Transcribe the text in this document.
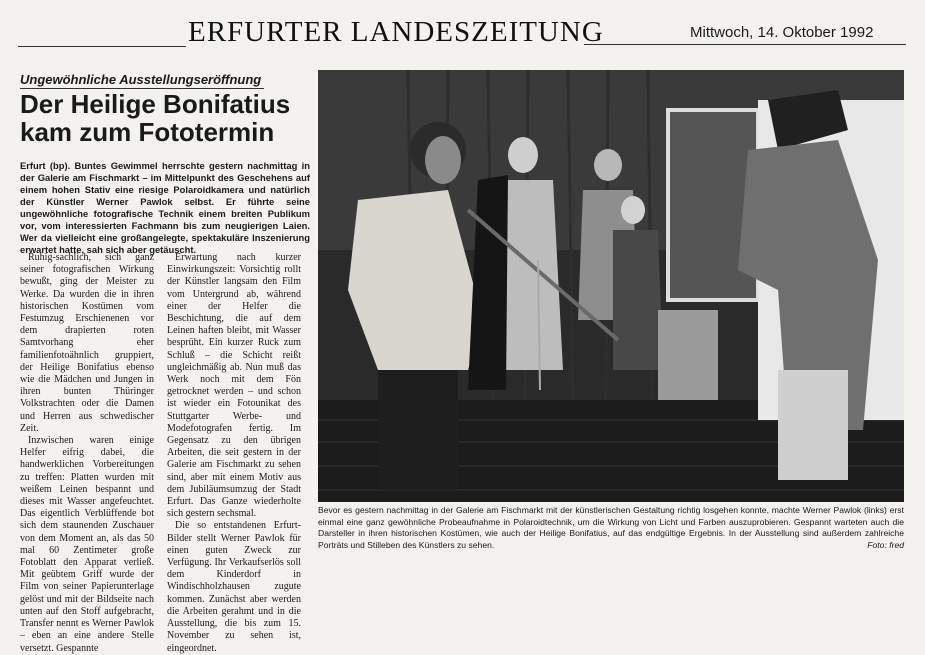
ERFURTER LANDESZEITUNG	Mittwoch, 14. Oktober 1992
Ungewöhnliche Ausstellungseröffnung
Der Heilige Bonifatius
kam zum Fototermin
Erfurt (bp). Buntes Gewimmel herrschte gestern nachmittag in der Galerie am Fischmarkt – im Mittelpunkt des Geschehens auf einem hohen Stativ eine riesige Polaroidkamera und natürlich der Künstler Werner Pawlok selbst. Er führte seine ungewöhnliche fotografische Technik einem breiten Publikum vor, vom interessierten Fachmann bis zum neugierigen Laien. Wer da vielleicht eine großangelegte, spektakuläre Inszenierung erwartet hatte, sah sich aber getäuscht.

Ruhig-sachlich, sich ganz seiner fotografischen Wirkung bewußt, ging der Meister zu Werke. Da wurden die in ihren historischen Kostümen vom Festumzug Erschienenen vor dem drapierten roten Samtvorhang eher familienfotoähnlich gruppiert, der Heilige Bonifatius ebenso wie die Mädchen und Jungen in ihren bunten Thüringer Volkstrachten oder die Damen und Herren aus schwedischer Zeit.

Inzwischen waren einige Helfer eifrig dabei, die handwerklichen Vorbereitungen zu treffen: Platten wurden mit weißem Leinen bespannt und dieses mit Wasser angefeuchtet. Das eigentlich Verblüffende bot sich dem staunenden Zuschauer von dem Moment an, als das 50 mal 60 Zentimeter große Fotoblatt den Apparat verließ. Mit geübtem Griff wurde der Film von seiner Papierunterlage gelöst und mit der Bildseite nach unten auf den Stoff aufgebracht, Transfer nennt es Werner Pawlok – eben an eine andere Stelle versetzt. Gespannte

Erwartung nach kurzer Einwirkungszeit: Vorsichtig rollt der Künstler langsam den Film vom Untergrund ab, während einer der Helfer die Beschichtung, die auf dem Leinen haften bleibt, mit Wasser besprüht. Ein kurzer Ruck zum Schluß – die Schicht reißt ungleichmäßig ab. Nun muß das Werk noch mit dem Fön getrocknet werden – und schon ist wieder ein Fotounikat des Stuttgarter Werbe- und Modefotografen fertig. Im Gegensatz zu den übrigen Arbeiten, die seit gestern in der Galerie am Fischmarkt zu sehen sind, aber mit einem Motiv aus dem Jubiläumsumzug der Stadt Erfurt. Das Ganze wiederholte sich gestern sechsmal.

Die so entstandenen Erfurt-Bilder stellt Werner Pawlok für einen guten Zweck zur Verfügung. Ihr Verkaufserlös soll dem Kinderdorf in Windischholzhausen zugute kommen. Zunächst aber werden die Arbeiten gerahmt und in die Ausstellung, die bis zum 15. November zu sehen ist, eingeordnet.

Bevor es gestern nachmittag in der Galerie am Fischmarkt mit der künstlerischen Gestaltung richtig losgehen konnte, machte Werner Pawlok (links) erst einmal eine ganz gewöhnliche Probeaufnahme in Polaroidtechnik, um die Wirkung von Licht und Farben auszuprobieren. Gespannt warteten auch die Darsteller in ihren historischen Kostümen, wie auch der Heilige Bonifatius, auf das endgültige Ergebnis. In der Ausstellung sind außerdem zahlreiche Porträts und Stilleben des Künstlers zu sehen.	Foto: fred
